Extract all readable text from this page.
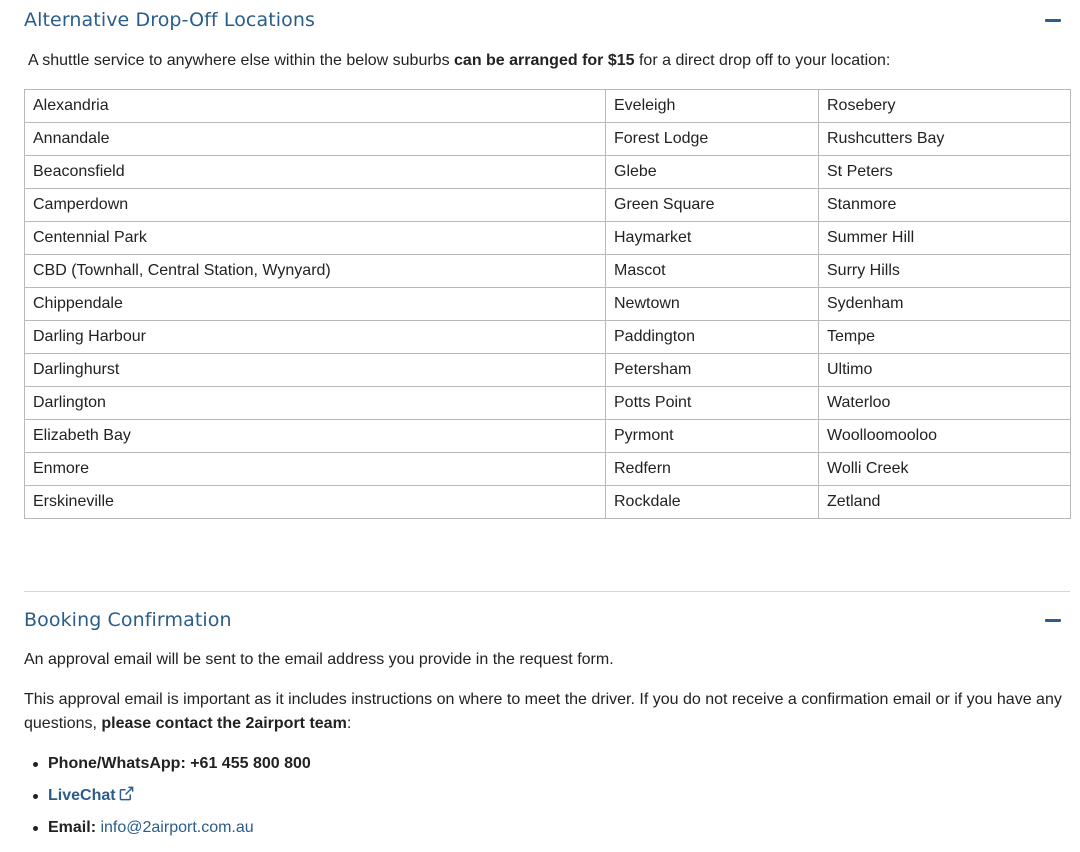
Alternative Drop-Off Locations

A shuttle service to anywhere else within the below suburbs can be arranged for $15 for a direct drop off to your location:

Alexandria	Eveleigh	Rosebery
Annandale	Forest Lodge	Rushcutters Bay
Beaconsfield	Glebe	St Peters
Camperdown	Green Square	Stanmore
Centennial Park	Haymarket	Summer Hill
CBD (Townhall, Central Station, Wynyard)	Mascot	Surry Hills
Chippendale	Newtown	Sydenham
Darling Harbour	Paddington	Tempe
Darlinghurst	Petersham	Ultimo
Darlington	Potts Point	Waterloo
Elizabeth Bay	Pyrmont	Woolloomooloo
Enmore	Redfern	Wolli Creek
Erskineville	Rockdale	Zetland
Booking Confirmation

An approval email will be sent to the email address you provide in the request form.

This approval email is important as it includes instructions on where to meet the driver. If you do not receive a confirmation email or if you have any questions, please contact the 2airport team:

Phone/WhatsApp: +61 455 800 800
LiveChat
Email: info@2airport.com.au
